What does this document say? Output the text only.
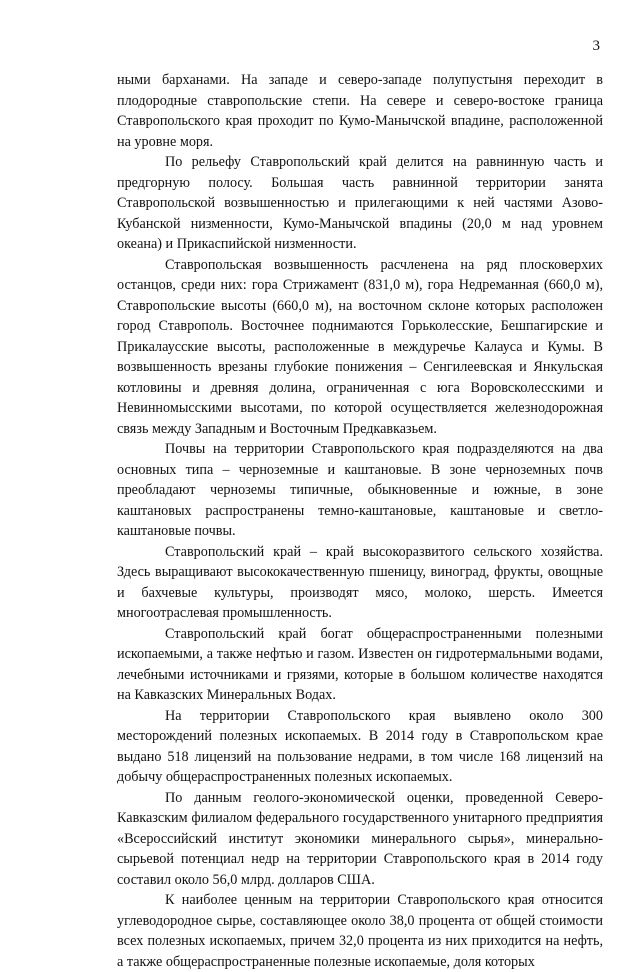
3

ными барханами. На западе и северо-западе полупустыня переходит в плодородные ставропольские степи. На севере и северо-востоке граница Ставропольского края проходит по Кумо-Манычской впадине, расположенной на уровне моря.

По рельефу Ставропольский край делится на равнинную часть и предгорную полосу. Большая часть равнинной территории занята Ставропольской возвышенностью и прилегающими к ней частями Азово-Кубанской низменности, Кумо-Манычской впадины (20,0 м над уровнем океана) и Прикаспийской низменности.

Ставропольская возвышенность расчленена на ряд плосковерхих останцов, среди них: гора Стрижамент (831,0 м), гора Недреманная (660,0 м), Ставропольские высоты (660,0 м), на восточном склоне которых расположен город Ставрополь. Восточнее поднимаются Горьколесские, Бешпагирские и Прикалаусские высоты, расположенные в междуречье Калауса и Кумы. В возвышенность врезаны глубокие понижения – Сенгилеевская и Янкульская котловины и древняя долина, ограниченная с юга Воровсколесскими и Невинномысскими высотами, по которой осуществляется железнодорожная связь между Западным и Восточным Предкавказьем.

Почвы на территории Ставропольского края подразделяются на два основных типа – черноземные и каштановые. В зоне черноземных почв преобладают черноземы типичные, обыкновенные и южные, в зоне каштановых распространены темно-каштановые, каштановые и светло-каштановые почвы.

Ставропольский край – край высокоразвитого сельского хозяйства. Здесь выращивают высококачественную пшеницу, виноград, фрукты, овощные и бахчевые культуры, производят мясо, молоко, шерсть. Имеется многоотраслевая промышленность.

Ставропольский край богат общераспространенными полезными ископаемыми, а также нефтью и газом. Известен он гидротермальными водами, лечебными источниками и грязями, которые в большом количестве находятся на Кавказских Минеральных Водах.

На территории Ставропольского края выявлено около 300 месторождений полезных ископаемых. В 2014 году в Ставропольском крае выдано 518 лицензий на пользование недрами, в том числе 168 лицензий на добычу общераспространенных полезных ископаемых.

По данным геолого-экономической оценки, проведенной Северо-Кавказским филиалом федерального государственного унитарного предприятия «Всероссийский институт экономики минерального сырья», минерально-сырьевой потенциал недр на территории Ставропольского края в 2014 году составил около 56,0 млрд. долларов США.

К наиболее ценным на территории Ставропольского края относится углеводородное сырье, составляющее около 38,0 процента от общей стоимости всех полезных ископаемых, причем 32,0 процента из них приходится на нефть, а также общераспространенные полезные ископаемые, доля которых
